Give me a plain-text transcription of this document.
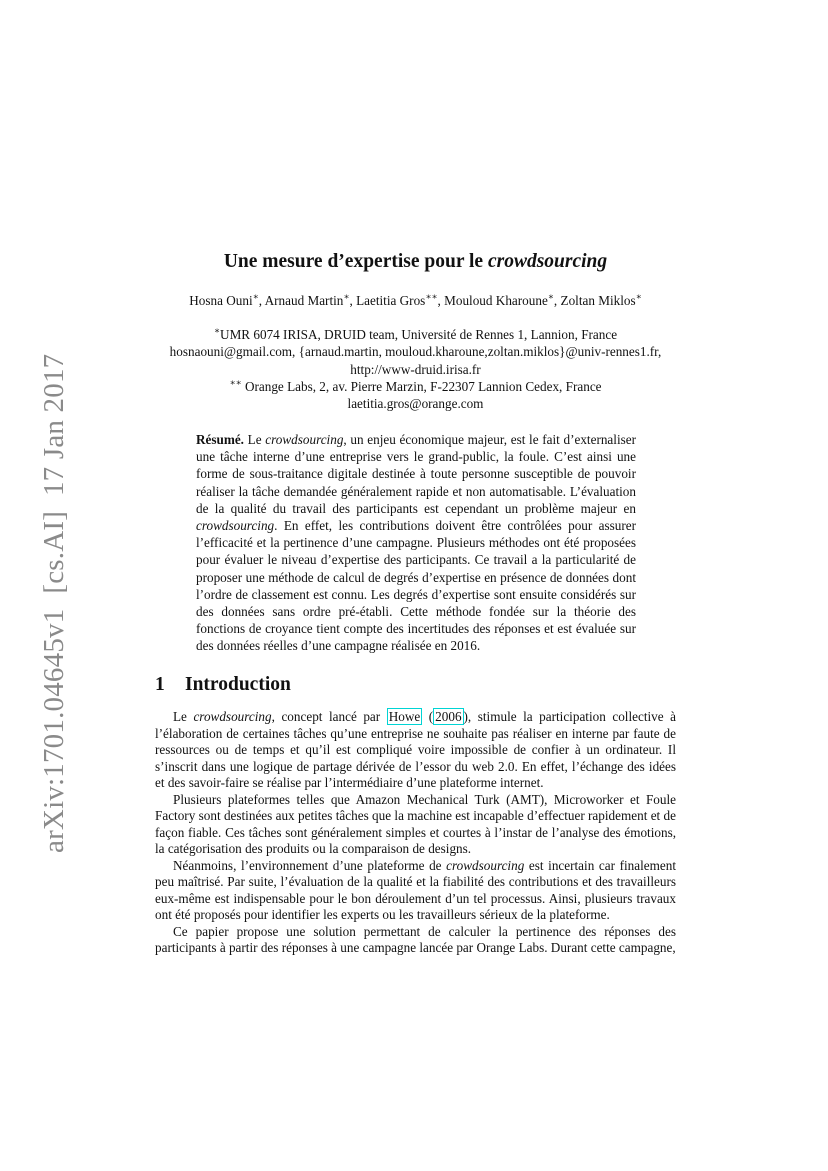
arXiv:1701.04645v1  [cs.AI]  17 Jan 2017
Une mesure d’expertise pour le crowdsourcing

Hosna Ouni∗, Arnaud Martin∗, Laetitia Gros∗∗, Mouloud Kharoune∗, Zoltan Miklos∗

∗UMR 6074 IRISA, DRUID team, Université de Rennes 1, Lannion, France
hosnaouni@gmail.com, {arnaud.martin, mouloud.kharoune,zoltan.miklos}@univ-rennes1.fr,
http://www-druid.irisa.fr
∗∗ Orange Labs, 2, av. Pierre Marzin, F-22307 Lannion Cedex, France
laetitia.gros@orange.com

Résumé. Le crowdsourcing, un enjeu économique majeur, est le fait d’externaliser une tâche interne d’une entreprise vers le grand-public, la foule. C’est ainsi une forme de sous-traitance digitale destinée à toute personne susceptible de pouvoir réaliser la tâche demandée généralement rapide et non automatisable. L’évaluation de la qualité du travail des participants est cependant un problème majeur en crowdsourcing. En effet, les contributions doivent être contrôlées pour assurer l’efficacité et la pertinence d’une campagne. Plusieurs méthodes ont été proposées pour évaluer le niveau d’expertise des participants. Ce travail a la particularité de proposer une méthode de calcul de degrés d’expertise en présence de données dont l’ordre de classement est connu. Les degrés d’expertise sont ensuite considérés sur des données sans ordre pré-établi. Cette méthode fondée sur la théorie des fonctions de croyance tient compte des incertitudes des réponses et est évaluée sur des données réelles d’une campagne réalisée en 2016.

1 Introduction

Le crowdsourcing, concept lancé par Howe ( 2006 ), stimule la participation collective à l’élaboration de certaines tâches qu’une entreprise ne souhaite pas réaliser en interne par faute de ressources ou de temps et qu’il est compliqué voire impossible de confier à un ordinateur. Il s’inscrit dans une logique de partage dérivée de l’essor du web 2.0. En effet, l’échange des idées et des savoir-faire se réalise par l’intermédiaire d’une plateforme internet.

Plusieurs plateformes telles que Amazon Mechanical Turk (AMT), Microworker et Foule Factory sont destinées aux petites tâches que la machine est incapable d’effectuer rapidement et de façon fiable. Ces tâches sont généralement simples et courtes à l’instar de l’analyse des émotions, la catégorisation des produits ou la comparaison de designs.

Néanmoins, l’environnement d’une plateforme de crowdsourcing est incertain car finalement peu maîtrisé. Par suite, l’évaluation de la qualité et la fiabilité des contributions et des travailleurs eux-même est indispensable pour le bon déroulement d’un tel processus. Ainsi, plusieurs travaux ont été proposés pour identifier les experts ou les travailleurs sérieux de la plateforme.

Ce papier propose une solution permettant de calculer la pertinence des réponses des participants à partir des réponses à une campagne lancée par Orange Labs. Durant cette campagne,
